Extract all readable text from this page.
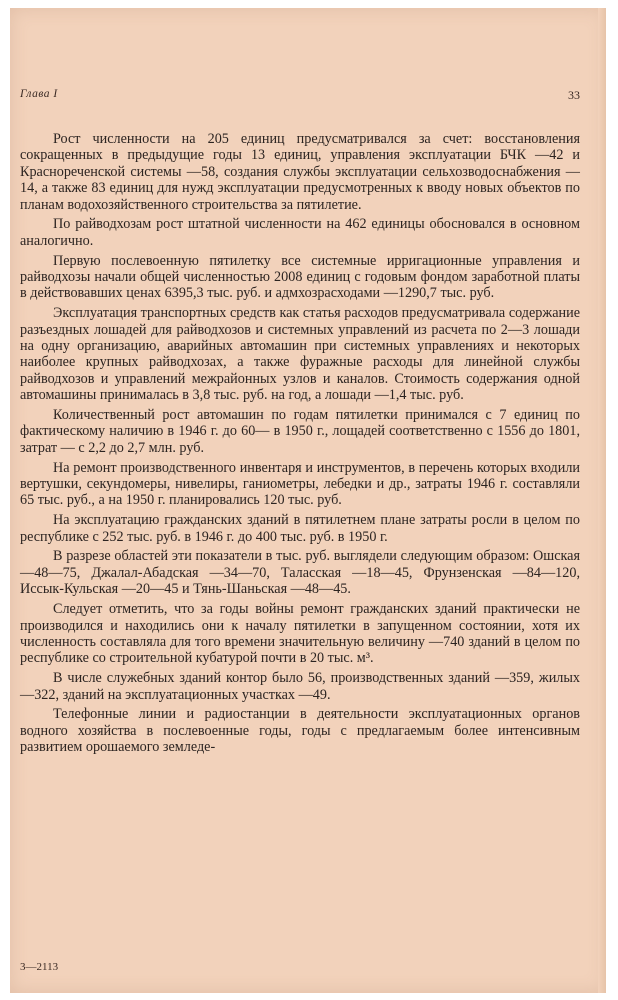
Глава I	33

Рост численности на 205 единиц предусматривался за счет: восстановления сокращенных в предыдущие годы 13 единиц, управления эксплуатации БЧК —42 и Краснореченской системы —58, создания службы эксплуатации сельхозводоснабжения —14, а также 83 единиц для нужд эксплуатации предусмотренных к вводу новых объектов по планам водохозяйственного строительства за пятилетие.

По райводхозам рост штатной численности на 462 единицы обосновался в основном аналогично.

Первую послевоенную пятилетку все системные ирригационные управления и райводхозы начали общей численностью 2008 единиц с годовым фондом заработной платы в действовавших ценах 6395,3 тыс. руб. и адмхозрасходами —1290,7 тыс. руб.

Эксплуатация транспортных средств как статья расходов предусматривала содержание разъездных лошадей для райводхозов и системных управлений из расчета по 2—3 лошади на одну организацию, аварийных автомашин при системных управлениях и некоторых наиболее крупных райводхозах, а также фуражные расходы для линейной службы райводхозов и управлений межрайонных узлов и каналов. Стоимость содержания одной автомашины принималась в 3,8 тыс. руб. на год, а лошади —1,4 тыс. руб.

Количественный рост автомашин по годам пятилетки принимался с 7 единиц по фактическому наличию в 1946 г. до 60— в 1950 г., лощадей соответственно с 1556 до 1801, затрат — с 2,2 до 2,7 млн. руб.

На ремонт производственного инвентаря и инструментов, в перечень которых входили вертушки, секундомеры, нивелиры, ганиометры, лебедки и др., затраты 1946 г. составляли 65 тыс. руб., а на 1950 г. планировались 120 тыс. руб.

На эксплуатацию гражданских зданий в пятилетнем плане затраты росли в целом по республике с 252 тыс. руб. в 1946 г. до 400 тыс. руб. в 1950 г.

В разрезе областей эти показатели в тыс. руб. выглядели следующим образом: Ошская —48—75, Джалал-Абадская —34—70, Таласская —18—45, Фрунзенская —84—120, Иссык-Кульская —20—45 и Тянь-Шаньская —48—45.

Следует отметить, что за годы войны ремонт гражданских зданий практически не производился и находились они к началу пятилетки в запущенном состоянии, хотя их численность составляла для того времени значительную величину —740 зданий в целом по республике со строительной кубатурой почти в 20 тыс. м³.

В числе служебных зданий контор было 56, производственных зданий —359, жилых —322, зданий на эксплуатационных участках —49.

Телефонные линии и радиостанции в деятельности эксплуатационных органов водного хозяйства в послевоенные годы, годы с предлагаемым более интенсивным развитием орошаемого земледе-

3—2113
